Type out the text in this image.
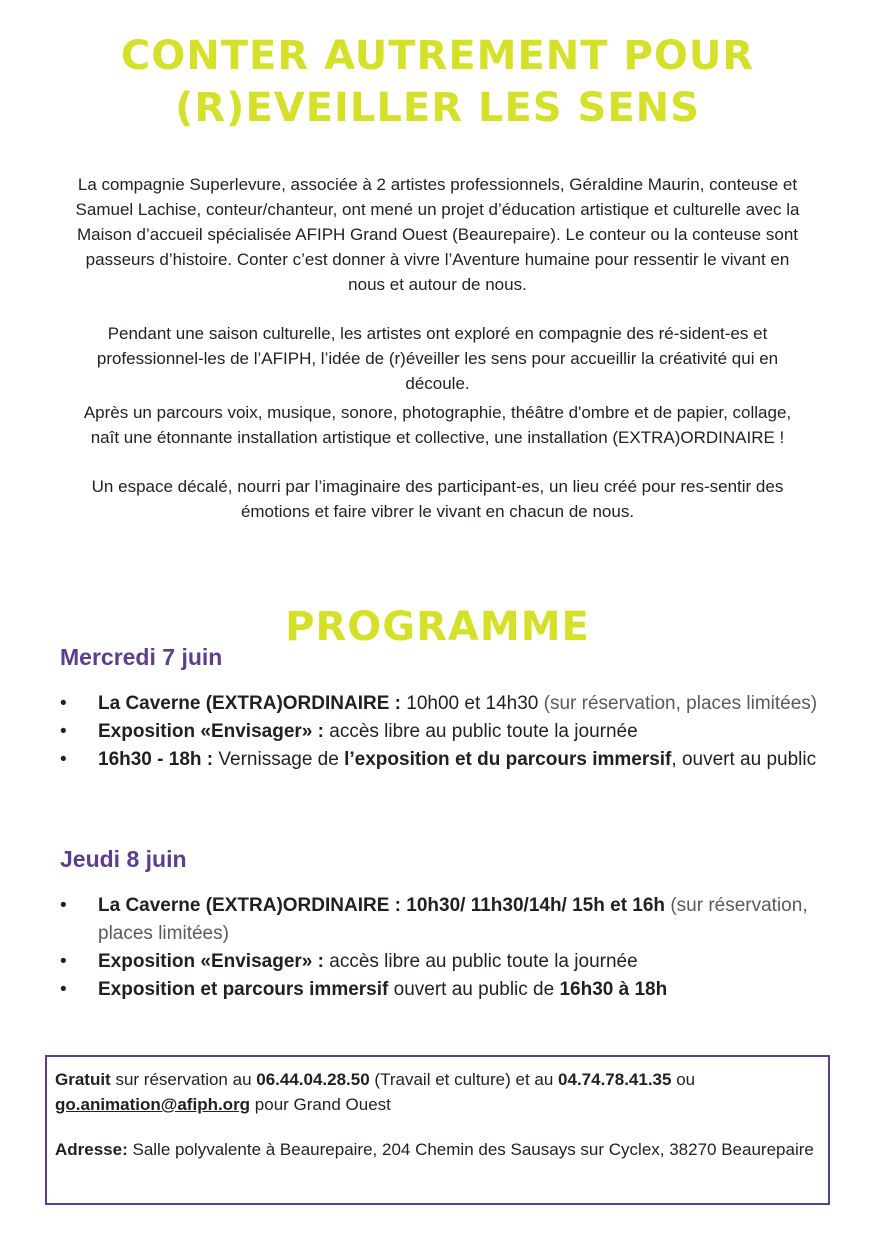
CONTER AUTREMENT POUR
(R)EVEILLER LES SENS

La compagnie Superlevure, associée à 2 artistes professionnels, Géraldine Maurin, conteuse et Samuel Lachise, conteur/chanteur, ont mené un projet d’éducation artistique et culturelle avec la Maison d’accueil spécialisée AFIPH Grand Ouest (Beaurepaire). Le conteur ou la conteuse sont passeurs d’histoire. Conter c’est donner à vivre l’Aventure humaine pour ressentir le vivant en nous et autour de nous.

Pendant une saison culturelle, les artistes ont exploré en compagnie des ré-sident-es et professionnel-les de l’AFIPH, l’idée de (r)éveiller les sens pour accueillir la créativité qui en découle.

Après un parcours voix, musique, sonore, photographie, théâtre d'ombre et de papier, collage, naît une étonnante installation artistique et collective, une installation (EXTRA)ORDINAIRE !

Un espace décalé, nourri par l’imaginaire des participant-es, un lieu créé pour res-sentir des émotions et faire vibrer le vivant en chacun de nous.

PROGRAMME
Mercredi 7 juin
• La Caverne (EXTRA)ORDINAIRE : 10h00 et 14h30 (sur réservation, places limitées)
• Exposition «Envisager» : accès libre au public toute la journée
• 16h30 - 18h : Vernissage de l’exposition et du parcours immersif, ouvert au public
Jeudi 8 juin
• La Caverne (EXTRA)ORDINAIRE : 10h30/ 11h30/14h/ 15h et 16h (sur réservation, places limitées)
• Exposition «Envisager» : accès libre au public toute la journée
• Exposition et parcours immersif ouvert au public de 16h30 à 18h

Gratuit sur réservation au 06.44.04.28.50 (Travail et culture) et au 04.74.78.41.35 ou
go.animation@afiph.org pour Grand Ouest

Adresse: Salle polyvalente à Beaurepaire, 204 Chemin des Sausays sur Cyclex, 38270 Beaurepaire
